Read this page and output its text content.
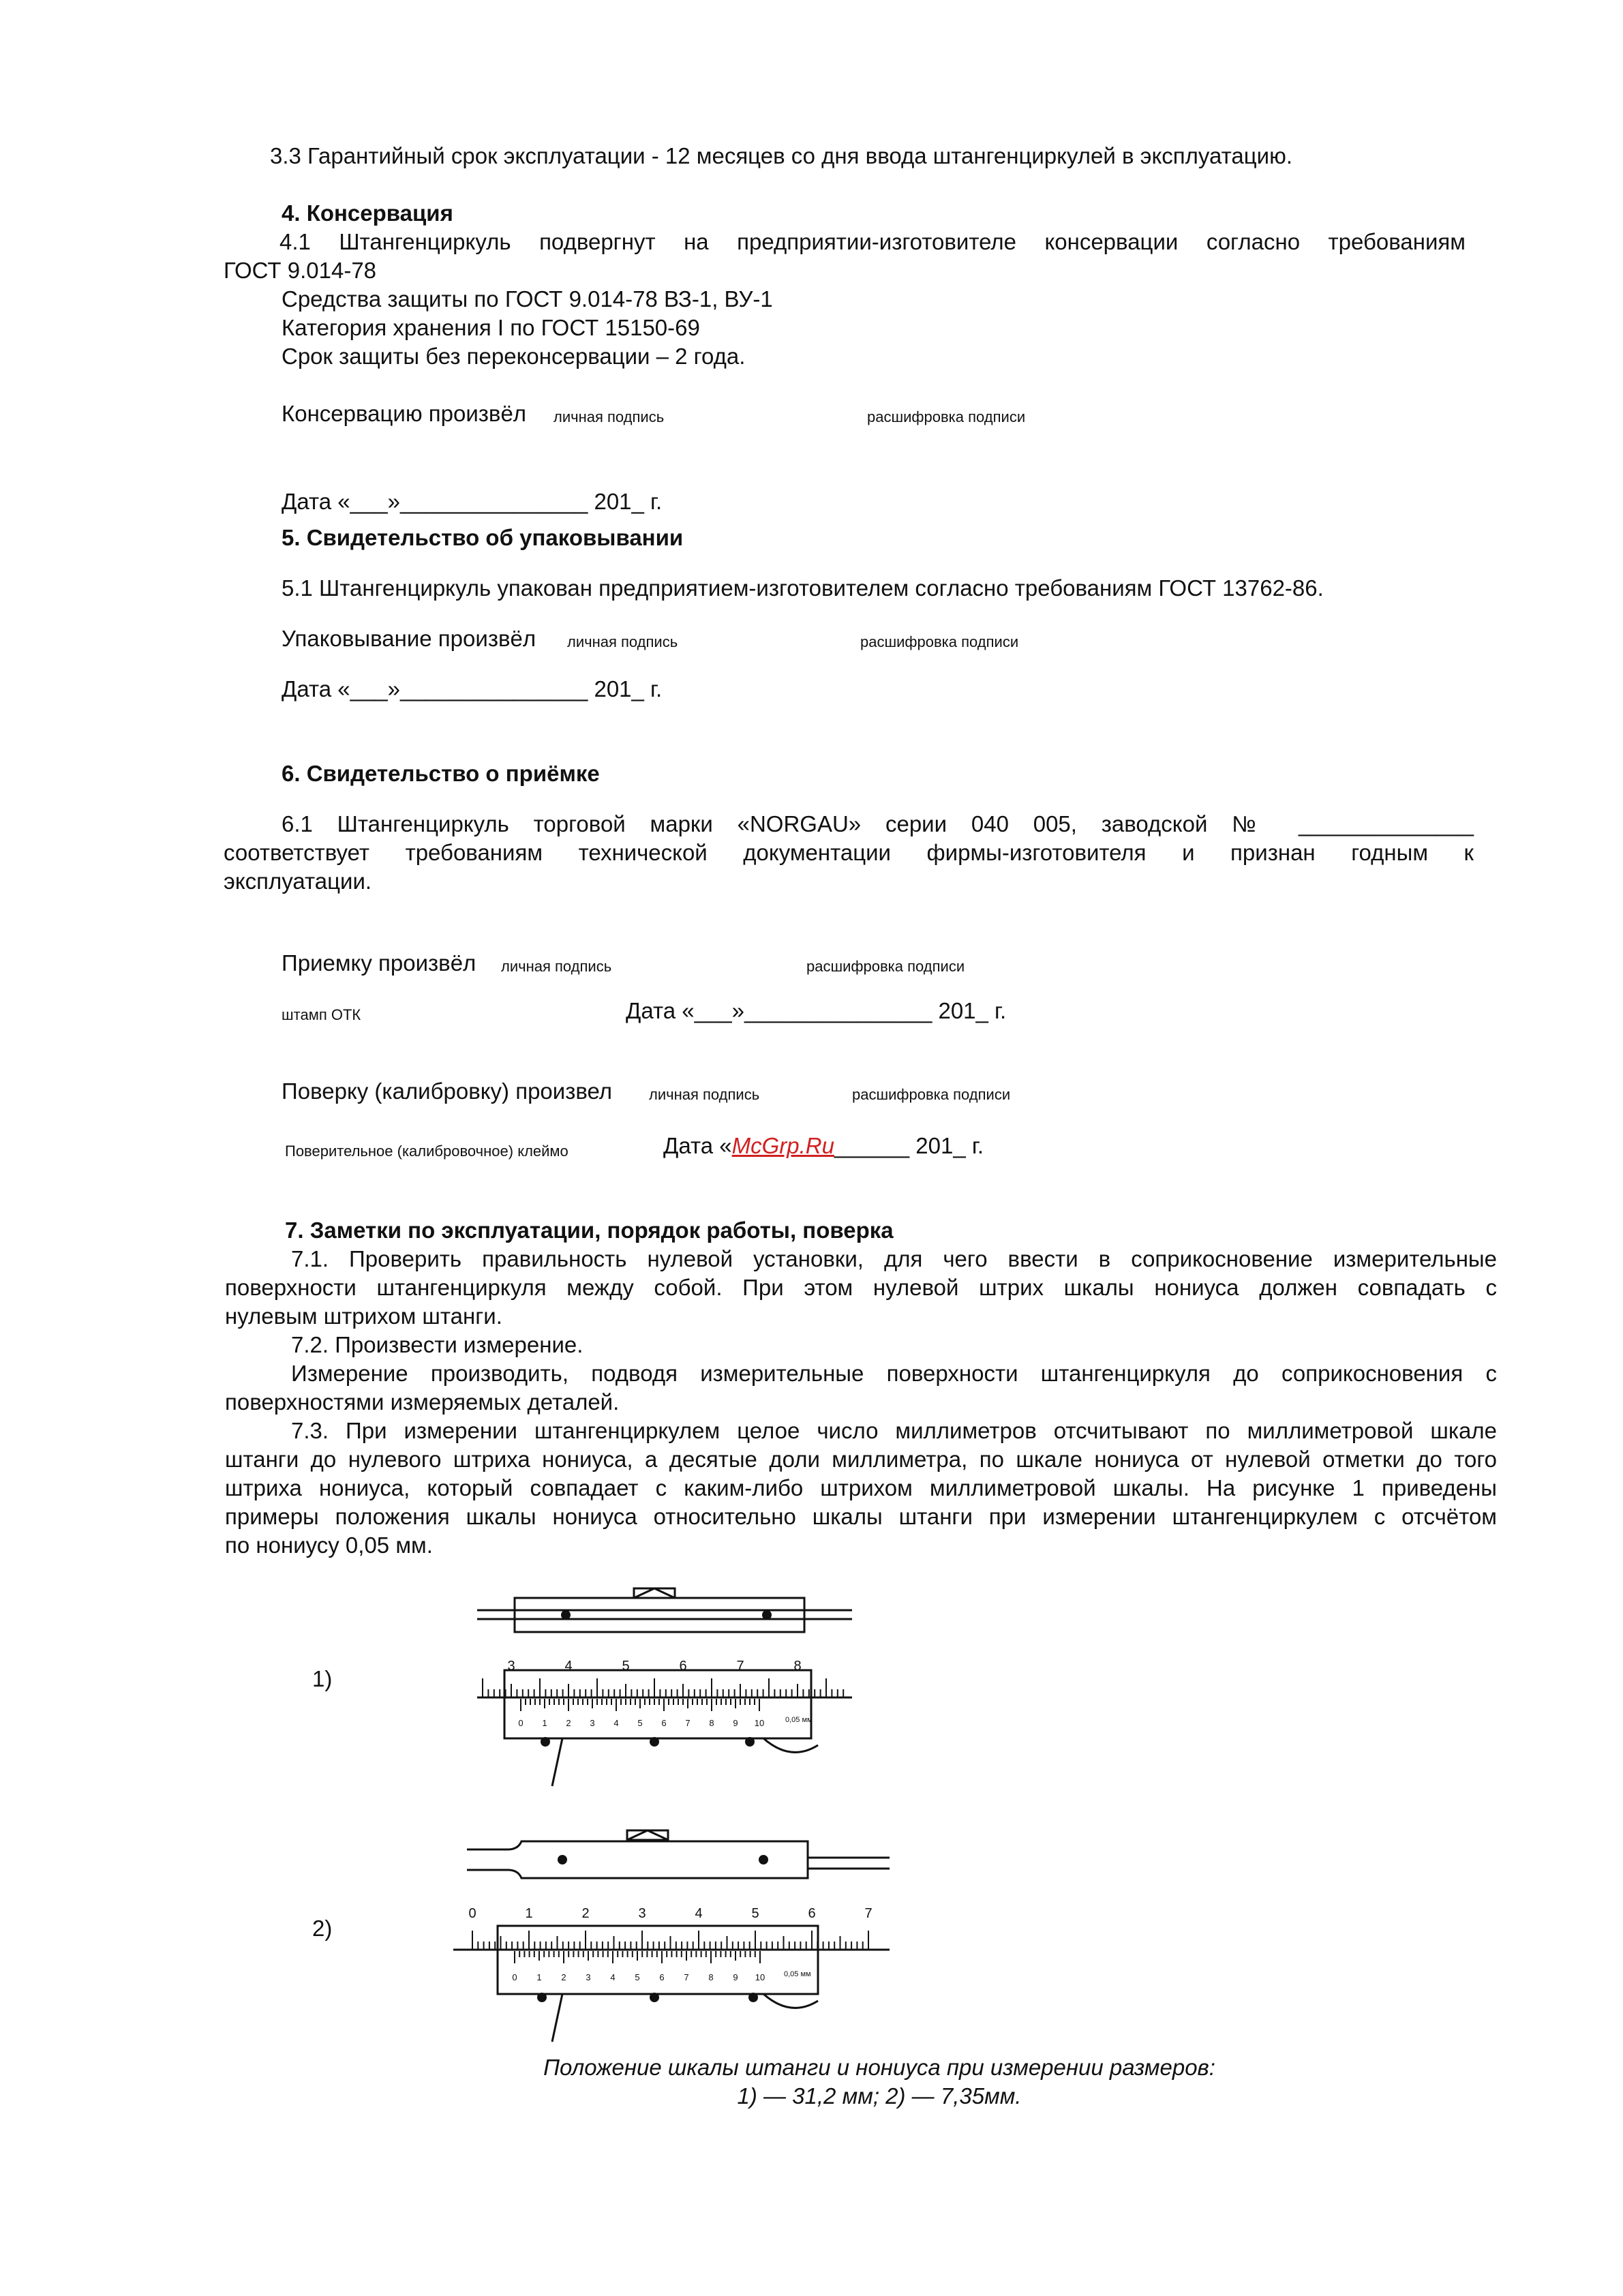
3.3 Гарантийный срок эксплуатации - 12 месяцев со дня ввода штангенциркулей в эксплуатацию.

4. Консервация

4.1 Штангенциркуль подвергнут на предприятии-изготовителе консервации согласно требованиям
ГОСТ 9.014-78

Средства защиты по ГОСТ 9.014-78 ВЗ-1, ВУ-1

Категория хранения I по ГОСТ 15150-69

Срок защиты без переконсервации – 2 года.

Консервацию произвёл личная подпись	расшифровка подписи

Дата «___»_______________ 201_ г.

5. Свидетельство об упаковывании

5.1 Штангенциркуль упакован предприятием-изготовителем согласно требованиям ГОСТ 13762-86.

Упаковывание произвёл личная подпись	расшифровка подписи

Дата «___»_______________ 201_ г.

6. Свидетельство о приёмке

6.1 Штангенциркуль торговой марки «NORGAU» серии 040 005, заводской № ______________
соответствует требованиям технической документации фирмы-изготовителя и признан годным к
эксплуатации.

Приемку произвёл личная подпись	расшифровка подписи

штамп ОТК	Дата «___»_______________ 201_ г.

Поверку (калибровку) произвел личная подпись	расшифровка подписи

Поверительное (калибровочное) клеймо	Дата «McGrp.Ru______ 201_ г.

7. Заметки по эксплуатации, порядок работы, поверка

7.1. Проверить правильность нулевой установки, для чего ввести в соприкосновение измерительные
поверхности штангенциркуля между собой. При этом нулевой штрих шкалы нониуса должен совпадать с
нулевым штрихом штанги.

7.2. Произвести измерение.

Измерение производить, подводя измерительные поверхности штангенциркуля до соприкосновения с
поверхностями измеряемых деталей.
7.3. При измерении штангенциркулем целое число миллиметров отсчитывают по миллиметровой шкале
штанги до нулевого штриха нониуса, а десятые доли миллиметра, по шкале нониуса от нулевой отметки до того
штриха нониуса, который совпадает с каким-либо штрихом миллиметровой шкалы. На рисунке 1 приведены
примеры положения шкалы нониуса относительно шкалы штанги при измерении штангенциркулем с отсчётом
по нониусу 0,05 мм.

1)

2)

3	4	5	6	7	8
0 1 2 3 4 5 6 7 8 9 10	0,05 мм
0	1	2	3	4	5	6	7
0 1 2 3 4 5 6 7 8 9 10	0,05 мм

Положение шкалы штанги и нониуса при измерении размеров:

1) — 31,2 мм; 2) — 7,35мм.
